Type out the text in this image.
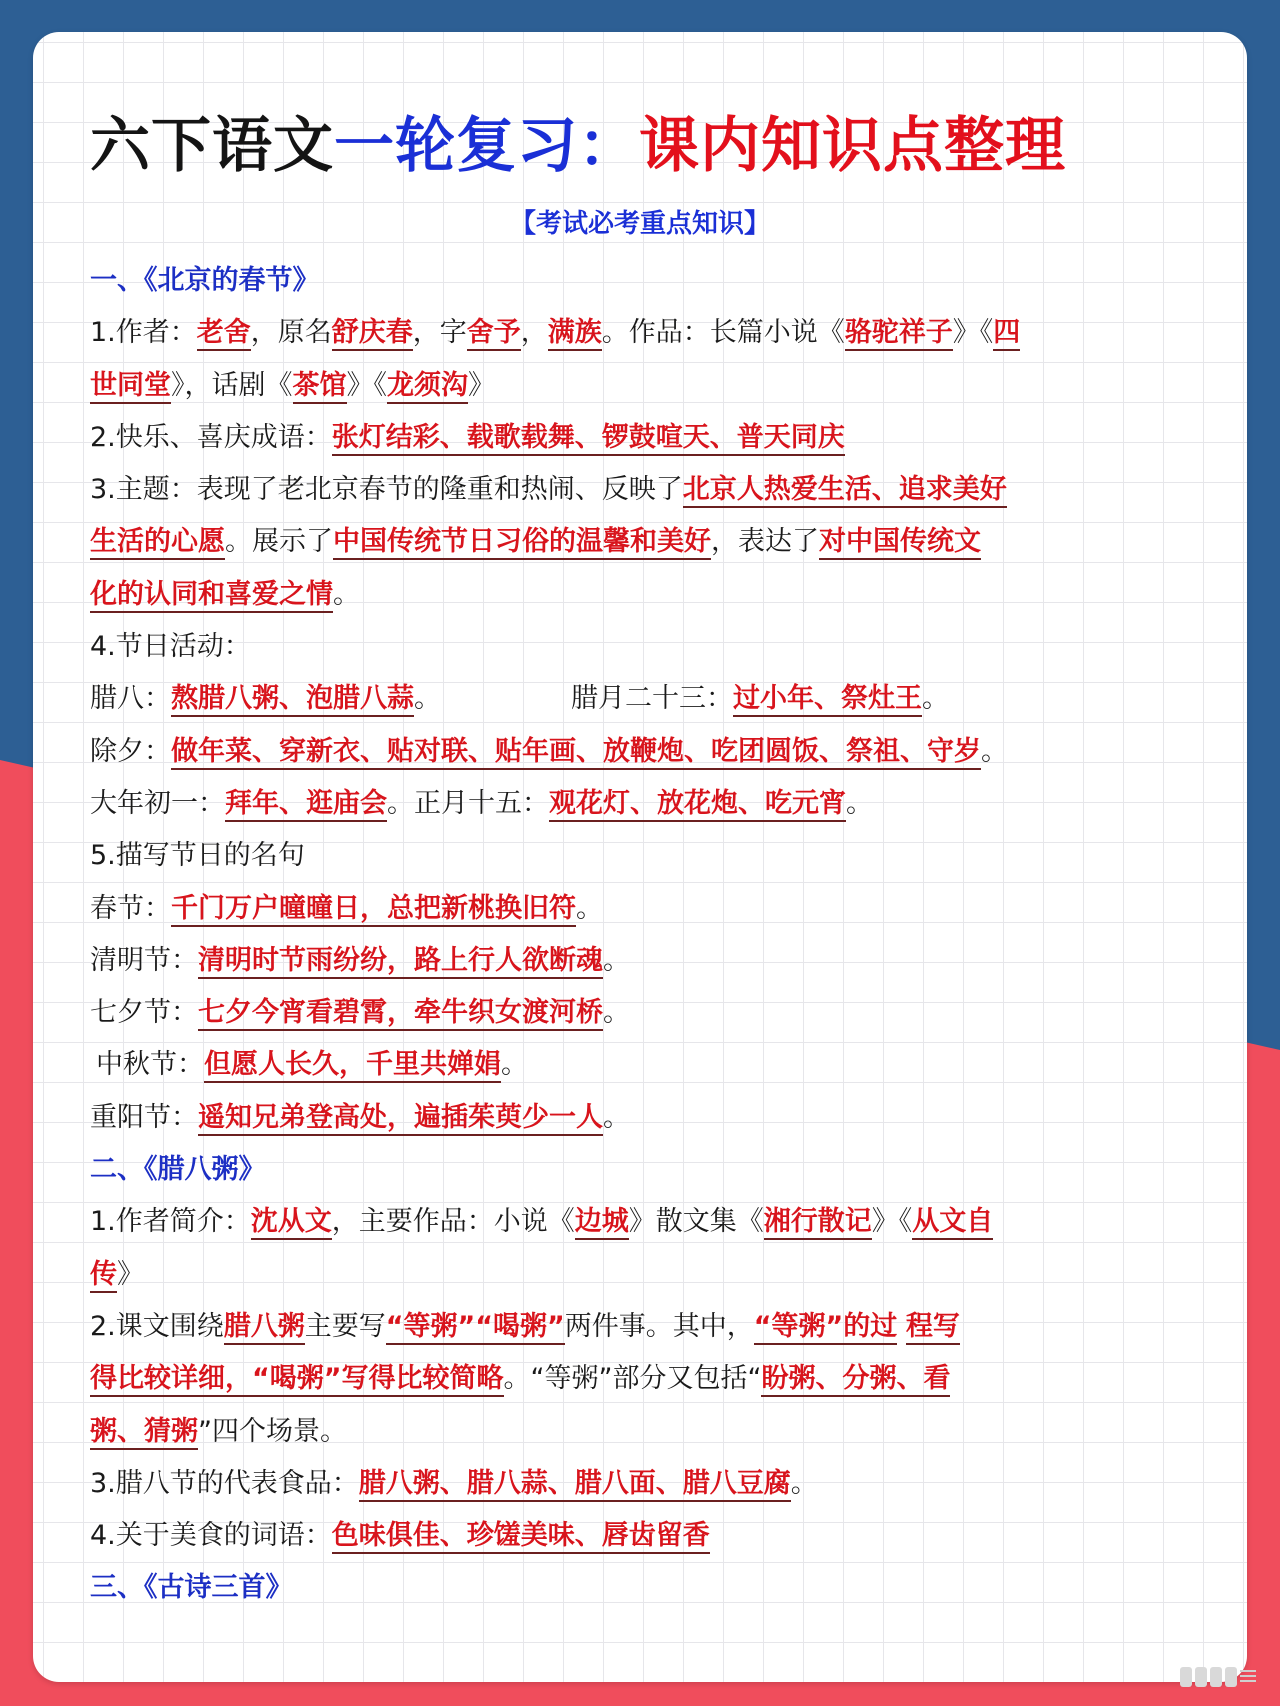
六下语文一轮复习：课内知识点整理
【考试必考重点知识】
一、《北京的春节》
1.作者：老舍，原名舒庆春，字舍予，满族。作品：长篇小说《骆驼祥子》《四
世同堂》，话剧《茶馆》《龙须沟》
2.快乐、喜庆成语：张灯结彩、载歌载舞、锣鼓喧天、普天同庆
3.主题：表现了老北京春节的隆重和热闹、反映了北京人热爱生活、追求美好
生活的心愿。展示了中国传统节日习俗的温馨和美好，表达了对中国传统文
化的认同和喜爱之情。
4.节日活动：
腊八：熬腊八粥、泡腊八蒜。	腊月二十三：过小年、祭灶王。
除夕：做年菜、穿新衣、贴对联、贴年画、放鞭炮、吃团圆饭、祭祖、守岁。
大年初一：拜年、逛庙会。正月十五：观花灯、放花炮、吃元宵。
5.描写节日的名句
春节：千门万户曈曈日，总把新桃换旧符。
清明节：清明时节雨纷纷，路上行人欲断魂。
七夕节：七夕今宵看碧霄，牵牛织女渡河桥。
中秋节：但愿人长久，千里共婵娟。
重阳节：遥知兄弟登高处，遍插茱萸少一人。
二、《腊八粥》
1.作者简介：沈从文，主要作品：小说《边城》散文集《湘行散记》《从文自
传》
2.课文围绕腊八粥主要写“等粥”“喝粥”两件事。其中，“等粥”的过 程写
得比较详细，“喝粥”写得比较简略。“等粥”部分又包括“盼粥、分粥、看
粥、猜粥”四个场景。
3.腊八节的代表食品：腊八粥、腊八蒜、腊八面、腊八豆腐。
4.关于美食的词语：色味俱佳、珍馐美味、唇齿留香
三、《古诗三首》
